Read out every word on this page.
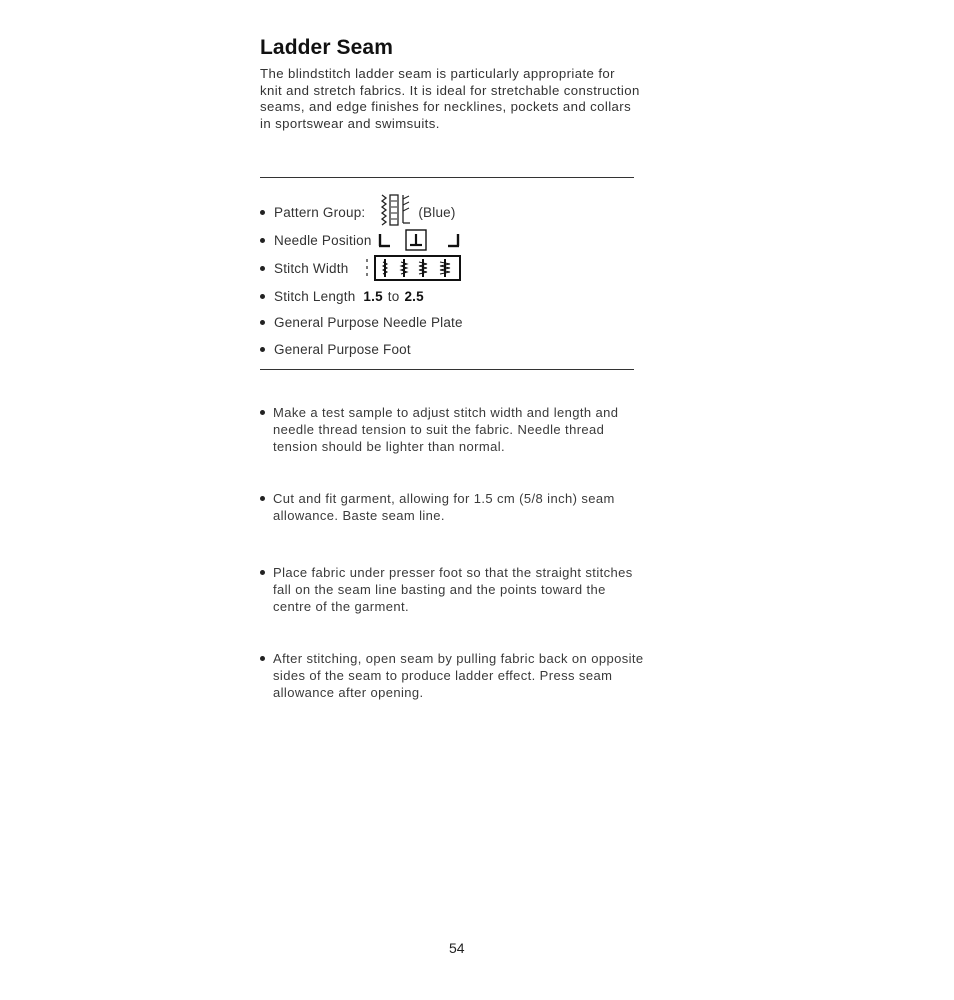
Ladder Seam

The blindstitch ladder seam is particularly appropriate for knit and stretch fabrics. It is ideal for stretchable construction seams, and edge finishes for necklines, pockets and collars in sportswear and swimsuits.

Pattern Group:	(Blue)
Needle Position
Stitch Width
Stitch Length 1.5 to 2.5
General Purpose Needle Plate
General Purpose Foot
Make a test sample to adjust stitch width and length and needle thread tension to suit the fabric. Needle thread tension should be lighter than normal.
Cut and fit garment, allowing for 1.5 cm (5/8 inch) seam allowance. Baste seam line.
Place fabric under presser foot so that the straight stitches fall on the seam line basting and the points toward the centre of the garment.
After stitching, open seam by pulling fabric back on opposite sides of the seam to produce ladder effect. Press seam allowance after opening.
54
